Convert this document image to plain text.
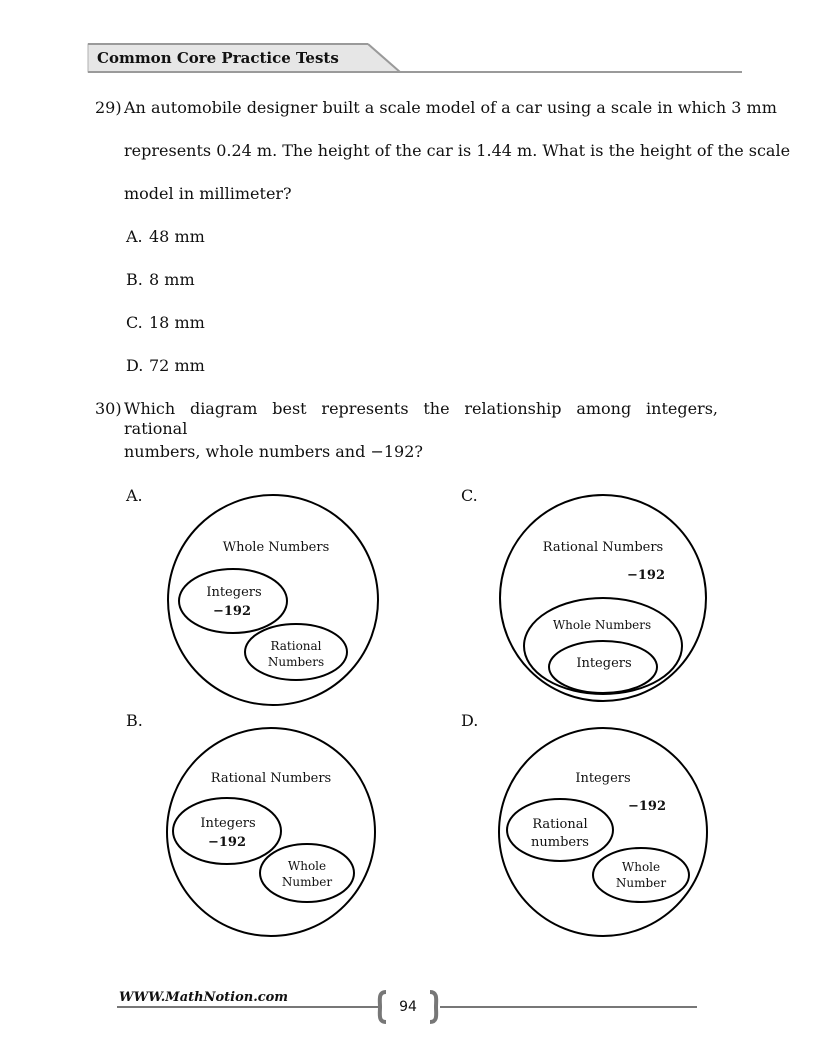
Common Core Practice Tests
29) An automobile designer built a scale model of a car using a scale in which 3 mm
represents 0.24 m. The height of the car is 1.44 m. What is the height of the scale
model in millimeter?
A. 48 mm
B. 8 mm
C. 18 mm
D. 72 mm
30) Which diagram best represents the relationship among integers, rational
numbers, whole numbers and −192?
A.	C.
B.	D.
Whole Numbers
Integers
−192
Rational
Numbers
Rational Numbers
−192
Whole Numbers
Integers
Rational Numbers
Integers
−192
Whole
Number
Integers
−192
Rational
numbers
Whole
Number
WWW.MathNotion.com
94
